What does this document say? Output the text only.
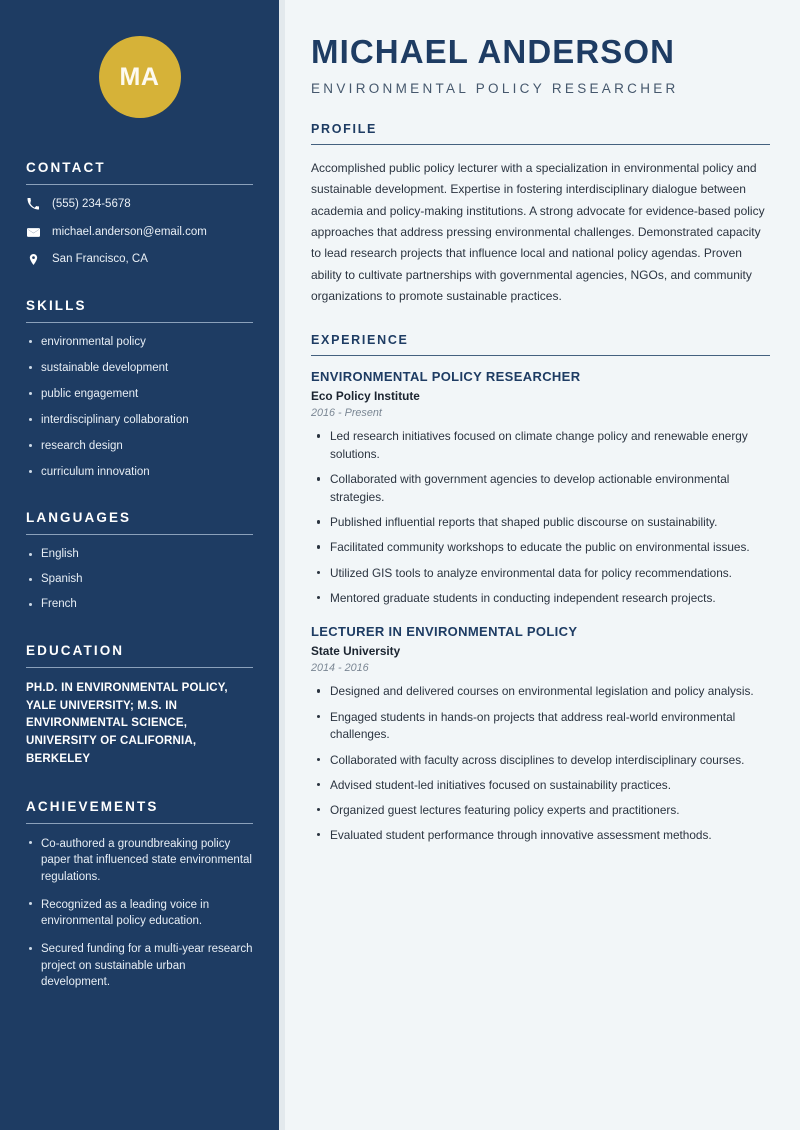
MA
CONTACT
(555) 234-5678
michael.anderson@email.com
San Francisco, CA
SKILLS
environmental policy
sustainable development
public engagement
interdisciplinary collaboration
research design
curriculum innovation
LANGUAGES
English
Spanish
French
EDUCATION
PH.D. IN ENVIRONMENTAL POLICY, YALE UNIVERSITY; M.S. IN ENVIRONMENTAL SCIENCE, UNIVERSITY OF CALIFORNIA, BERKELEY
ACHIEVEMENTS
Co-authored a groundbreaking policy paper that influenced state environmental regulations.
Recognized as a leading voice in environmental policy education.
Secured funding for a multi-year research project on sustainable urban development.
MICHAEL ANDERSON
ENVIRONMENTAL POLICY RESEARCHER
PROFILE

Accomplished public policy lecturer with a specialization in environmental policy and sustainable development. Expertise in fostering interdisciplinary dialogue between academia and policy-making institutions. A strong advocate for evidence-based policy approaches that address pressing environmental challenges. Demonstrated capacity to lead research projects that influence local and national policy agendas. Proven ability to cultivate partnerships with governmental agencies, NGOs, and community organizations to promote sustainable practices.

EXPERIENCE
ENVIRONMENTAL POLICY RESEARCHER
Eco Policy Institute
2016 - Present
Led research initiatives focused on climate change policy and renewable energy solutions.
Collaborated with government agencies to develop actionable environmental strategies.
Published influential reports that shaped public discourse on sustainability.
Facilitated community workshops to educate the public on environmental issues.
Utilized GIS tools to analyze environmental data for policy recommendations.
Mentored graduate students in conducting independent research projects.
LECTURER IN ENVIRONMENTAL POLICY
State University
2014 - 2016
Designed and delivered courses on environmental legislation and policy analysis.
Engaged students in hands-on projects that address real-world environmental challenges.
Collaborated with faculty across disciplines to develop interdisciplinary courses.
Advised student-led initiatives focused on sustainability practices.
Organized guest lectures featuring policy experts and practitioners.
Evaluated student performance through innovative assessment methods.
